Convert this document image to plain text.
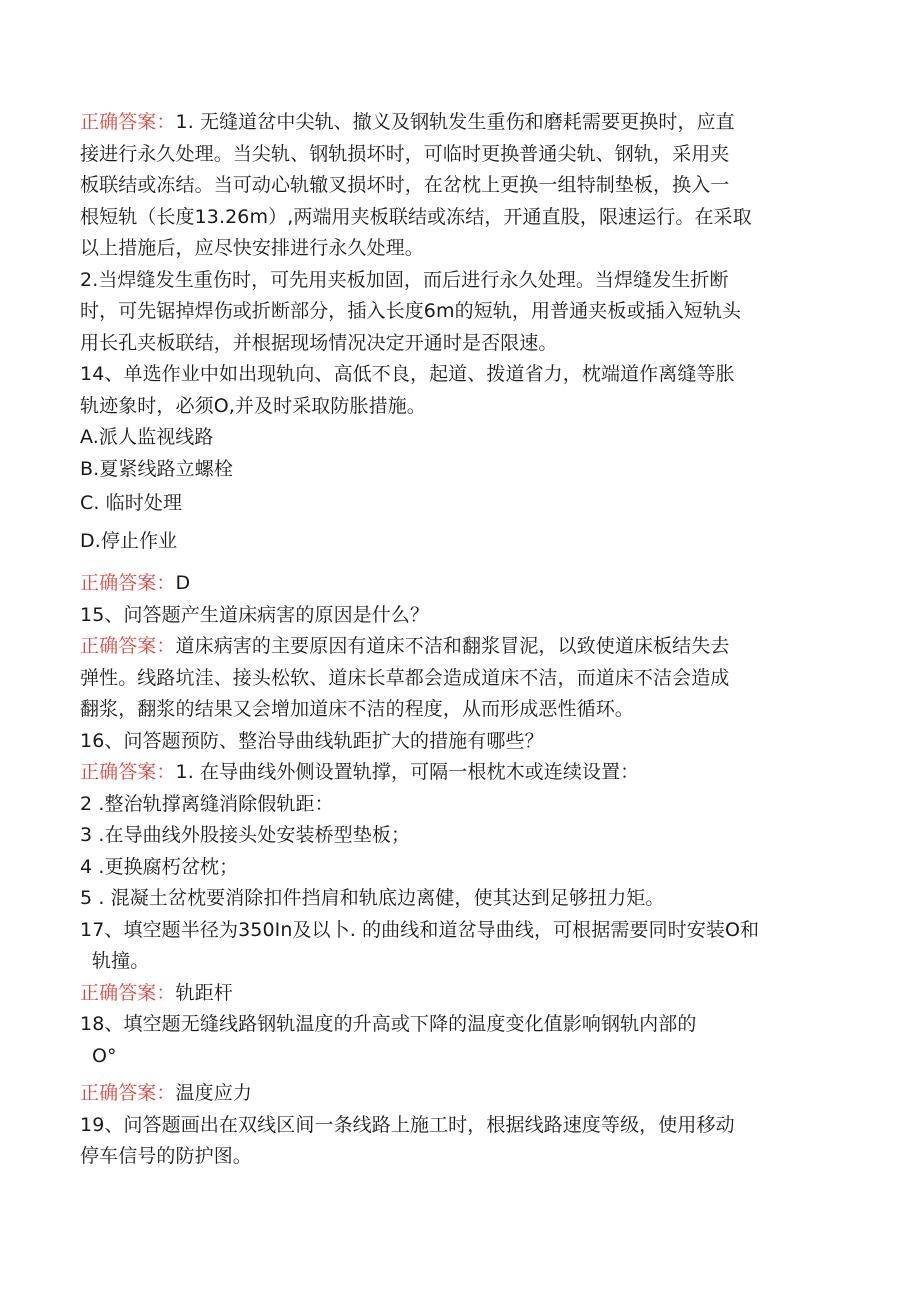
正确答案：1. 无缝道岔中尖轨、撤义及钢轨发生重伤和磨耗需要更换时，应直
接进行永久处理。当尖轨、钢轨损坏时，可临时更换普通尖轨、钢轨，采用夹
板联结或冻结。当可动心轨辙叉损坏时，在岔枕上更换一组特制垫板，换入一
根短轨（长度13.26m）,两端用夹板联结或冻结，开通直股，限速运行。在采取
以上措施后，应尽快安排进行永久处理。
2.当焊缝发生重伤时，可先用夹板加固，而后进行永久处理。当焊缝发生折断
时，可先锯掉焊伤或折断部分，插入长度6m的短轨，用普通夹板或插入短轨头
用长孔夹板联结，并根据现场情况决定开通时是否限速。
14、单选作业中如出现轨向、高低不良，起道、拨道省力，枕端道作离缝等胀
轨迹象时，必须O,并及时采取防胀措施。
A.派人监视线路
B.夏紧线路立螺栓
C. 临时处理
D.停止作业
正确答案：D
15、问答题产生道床病害的原因是什么？
正确答案：道床病害的主要原因有道床不洁和翻浆冒泥，以致使道床板结失去
弹性。线路坑洼、接头松软、道床长草都会造成道床不洁，而道床不洁会造成
翻浆，翻浆的结果又会增加道床不洁的程度，从而形成恶性循环。
16、问答题预防、整治导曲线轨距扩大的措施有哪些？
正确答案：1. 在导曲线外侧设置轨撑，可隔一根枕木或连续设置：
2 .整治轨撑离缝消除假轨距：
3 .在导曲线外股接头处安装桥型垫板；
4 .更换腐朽岔枕；
5 . 混凝土岔枕要消除扣件挡肩和轨底边离健，使其达到足够扭力矩。
17、填空题半径为350In及以卜. 的曲线和道岔导曲线，可根据需要同时安装O和
轨撞。
正确答案：轨距杆
18、填空题无缝线路钢轨温度的升高或下降的温度变化值影响钢轨内部的
O°
正确答案：温度应力
19、问答题画出在双线区间一条线路上施工时，根据线路速度等级，使用移动
停车信号的防护图。
